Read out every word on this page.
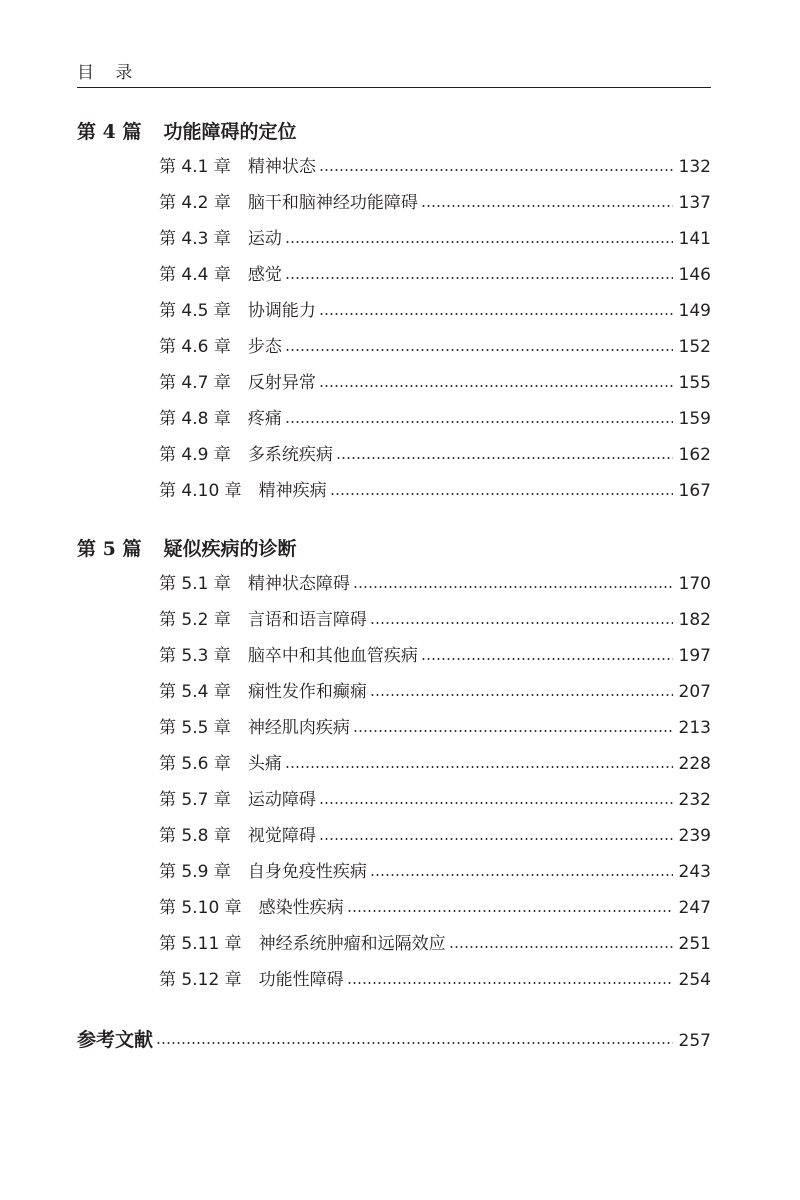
目 录
第 4 篇 功能障碍的定位
第 4.1 章 精神状态	132
第 4.2 章 脑干和脑神经功能障碍	137
第 4.3 章 运动	141
第 4.4 章 感觉	146
第 4.5 章 协调能力	149
第 4.6 章 步态	152
第 4.7 章 反射异常	155
第 4.8 章 疼痛	159
第 4.9 章 多系统疾病	162
第 4.10 章 精神疾病	167
第 5 篇 疑似疾病的诊断
第 5.1 章 精神状态障碍	170
第 5.2 章 言语和语言障碍	182
第 5.3 章 脑卒中和其他血管疾病	197
第 5.4 章 痫性发作和癫痫	207
第 5.5 章 神经肌肉疾病	213
第 5.6 章 头痛	228
第 5.7 章 运动障碍	232
第 5.8 章 视觉障碍	239
第 5.9 章 自身免疫性疾病	243
第 5.10 章 感染性疾病	247
第 5.11 章 神经系统肿瘤和远隔效应	251
第 5.12 章 功能性障碍	254
参考文献	257
